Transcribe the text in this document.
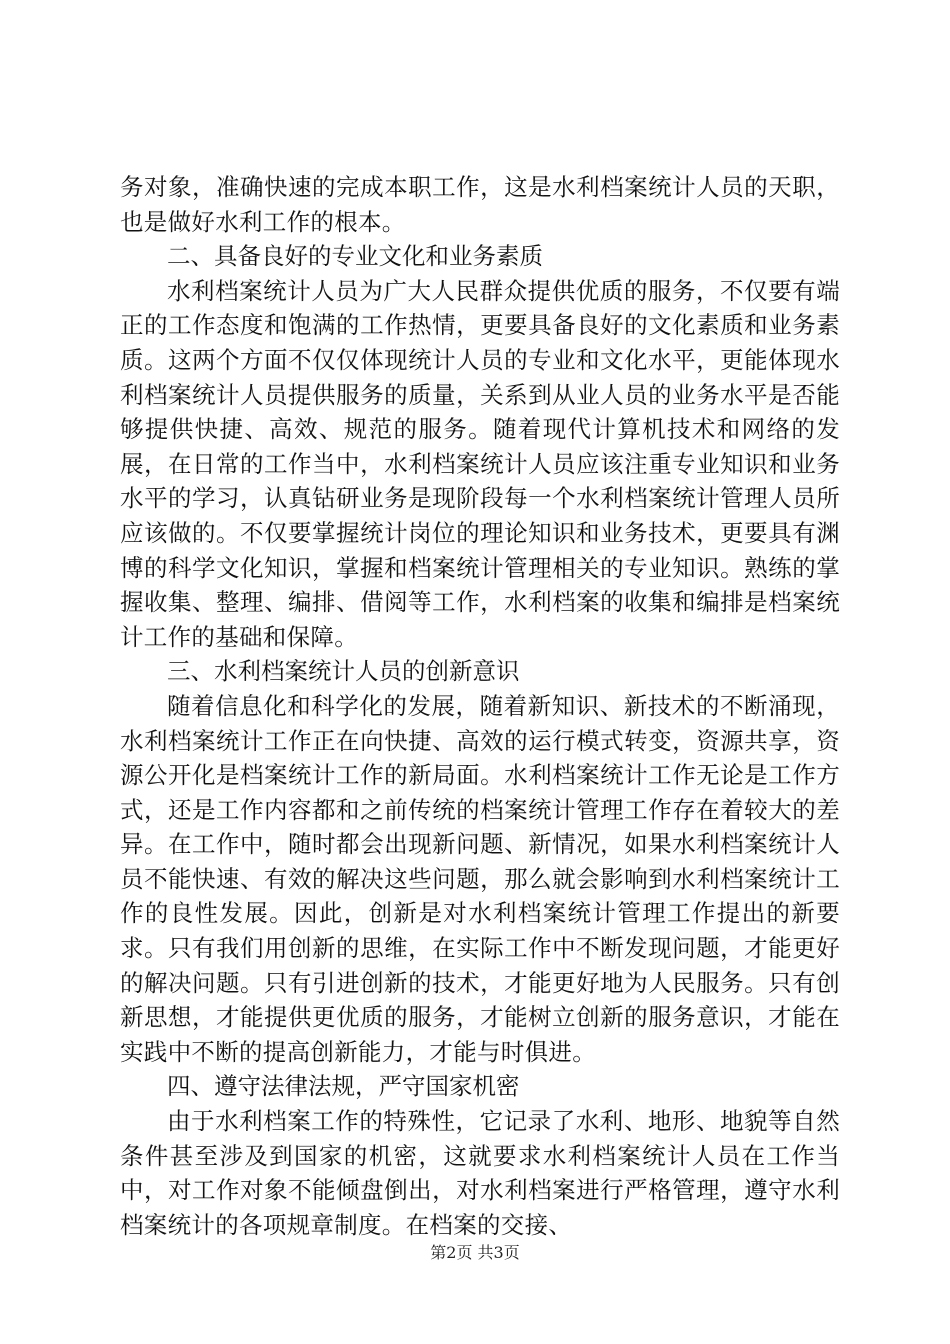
务对象，准确快速的完成本职工作，这是水利档案统计人员的天职，也是做好水利工作的根本。

二、具备良好的专业文化和业务素质

水利档案统计人员为广大人民群众提供优质的服务，不仅要有端正的工作态度和饱满的工作热情，更要具备良好的文化素质和业务素质。这两个方面不仅仅体现统计人员的专业和文化水平，更能体现水利档案统计人员提供服务的质量，关系到从业人员的业务水平是否能够提供快捷、高效、规范的服务。随着现代计算机技术和网络的发展，在日常的工作当中，水利档案统计人员应该注重专业知识和业务水平的学习，认真钻研业务是现阶段每一个水利档案统计管理人员所应该做的。不仅要掌握统计岗位的理论知识和业务技术，更要具有渊博的科学文化知识，掌握和档案统计管理相关的专业知识。熟练的掌握收集、整理、编排、借阅等工作，水利档案的收集和编排是档案统计工作的基础和保障。

三、水利档案统计人员的创新意识

随着信息化和科学化的发展，随着新知识、新技术的不断涌现，水利档案统计工作正在向快捷、高效的运行模式转变，资源共享，资源公开化是档案统计工作的新局面。水利档案统计工作无论是工作方式，还是工作内容都和之前传统的档案统计管理工作存在着较大的差异。在工作中，随时都会出现新问题、新情况，如果水利档案统计人员不能快速、有效的解决这些问题，那么就会影响到水利档案统计工作的良性发展。因此，创新是对水利档案统计管理工作提出的新要求。只有我们用创新的思维，在实际工作中不断发现问题，才能更好的解决问题。只有引进创新的技术，才能更好地为人民服务。只有创新思想，才能提供更优质的服务，才能树立创新的服务意识，才能在实践中不断的提高创新能力，才能与时俱进。

四、遵守法律法规，严守国家机密

由于水利档案工作的特殊性，它记录了水利、地形、地貌等自然条件甚至涉及到国家的机密，这就要求水利档案统计人员在工作当中，对工作对象不能倾盘倒出，对水利档案进行严格管理，遵守水利档案统计的各项规章制度。在档案的交接、

第2页 共3页
